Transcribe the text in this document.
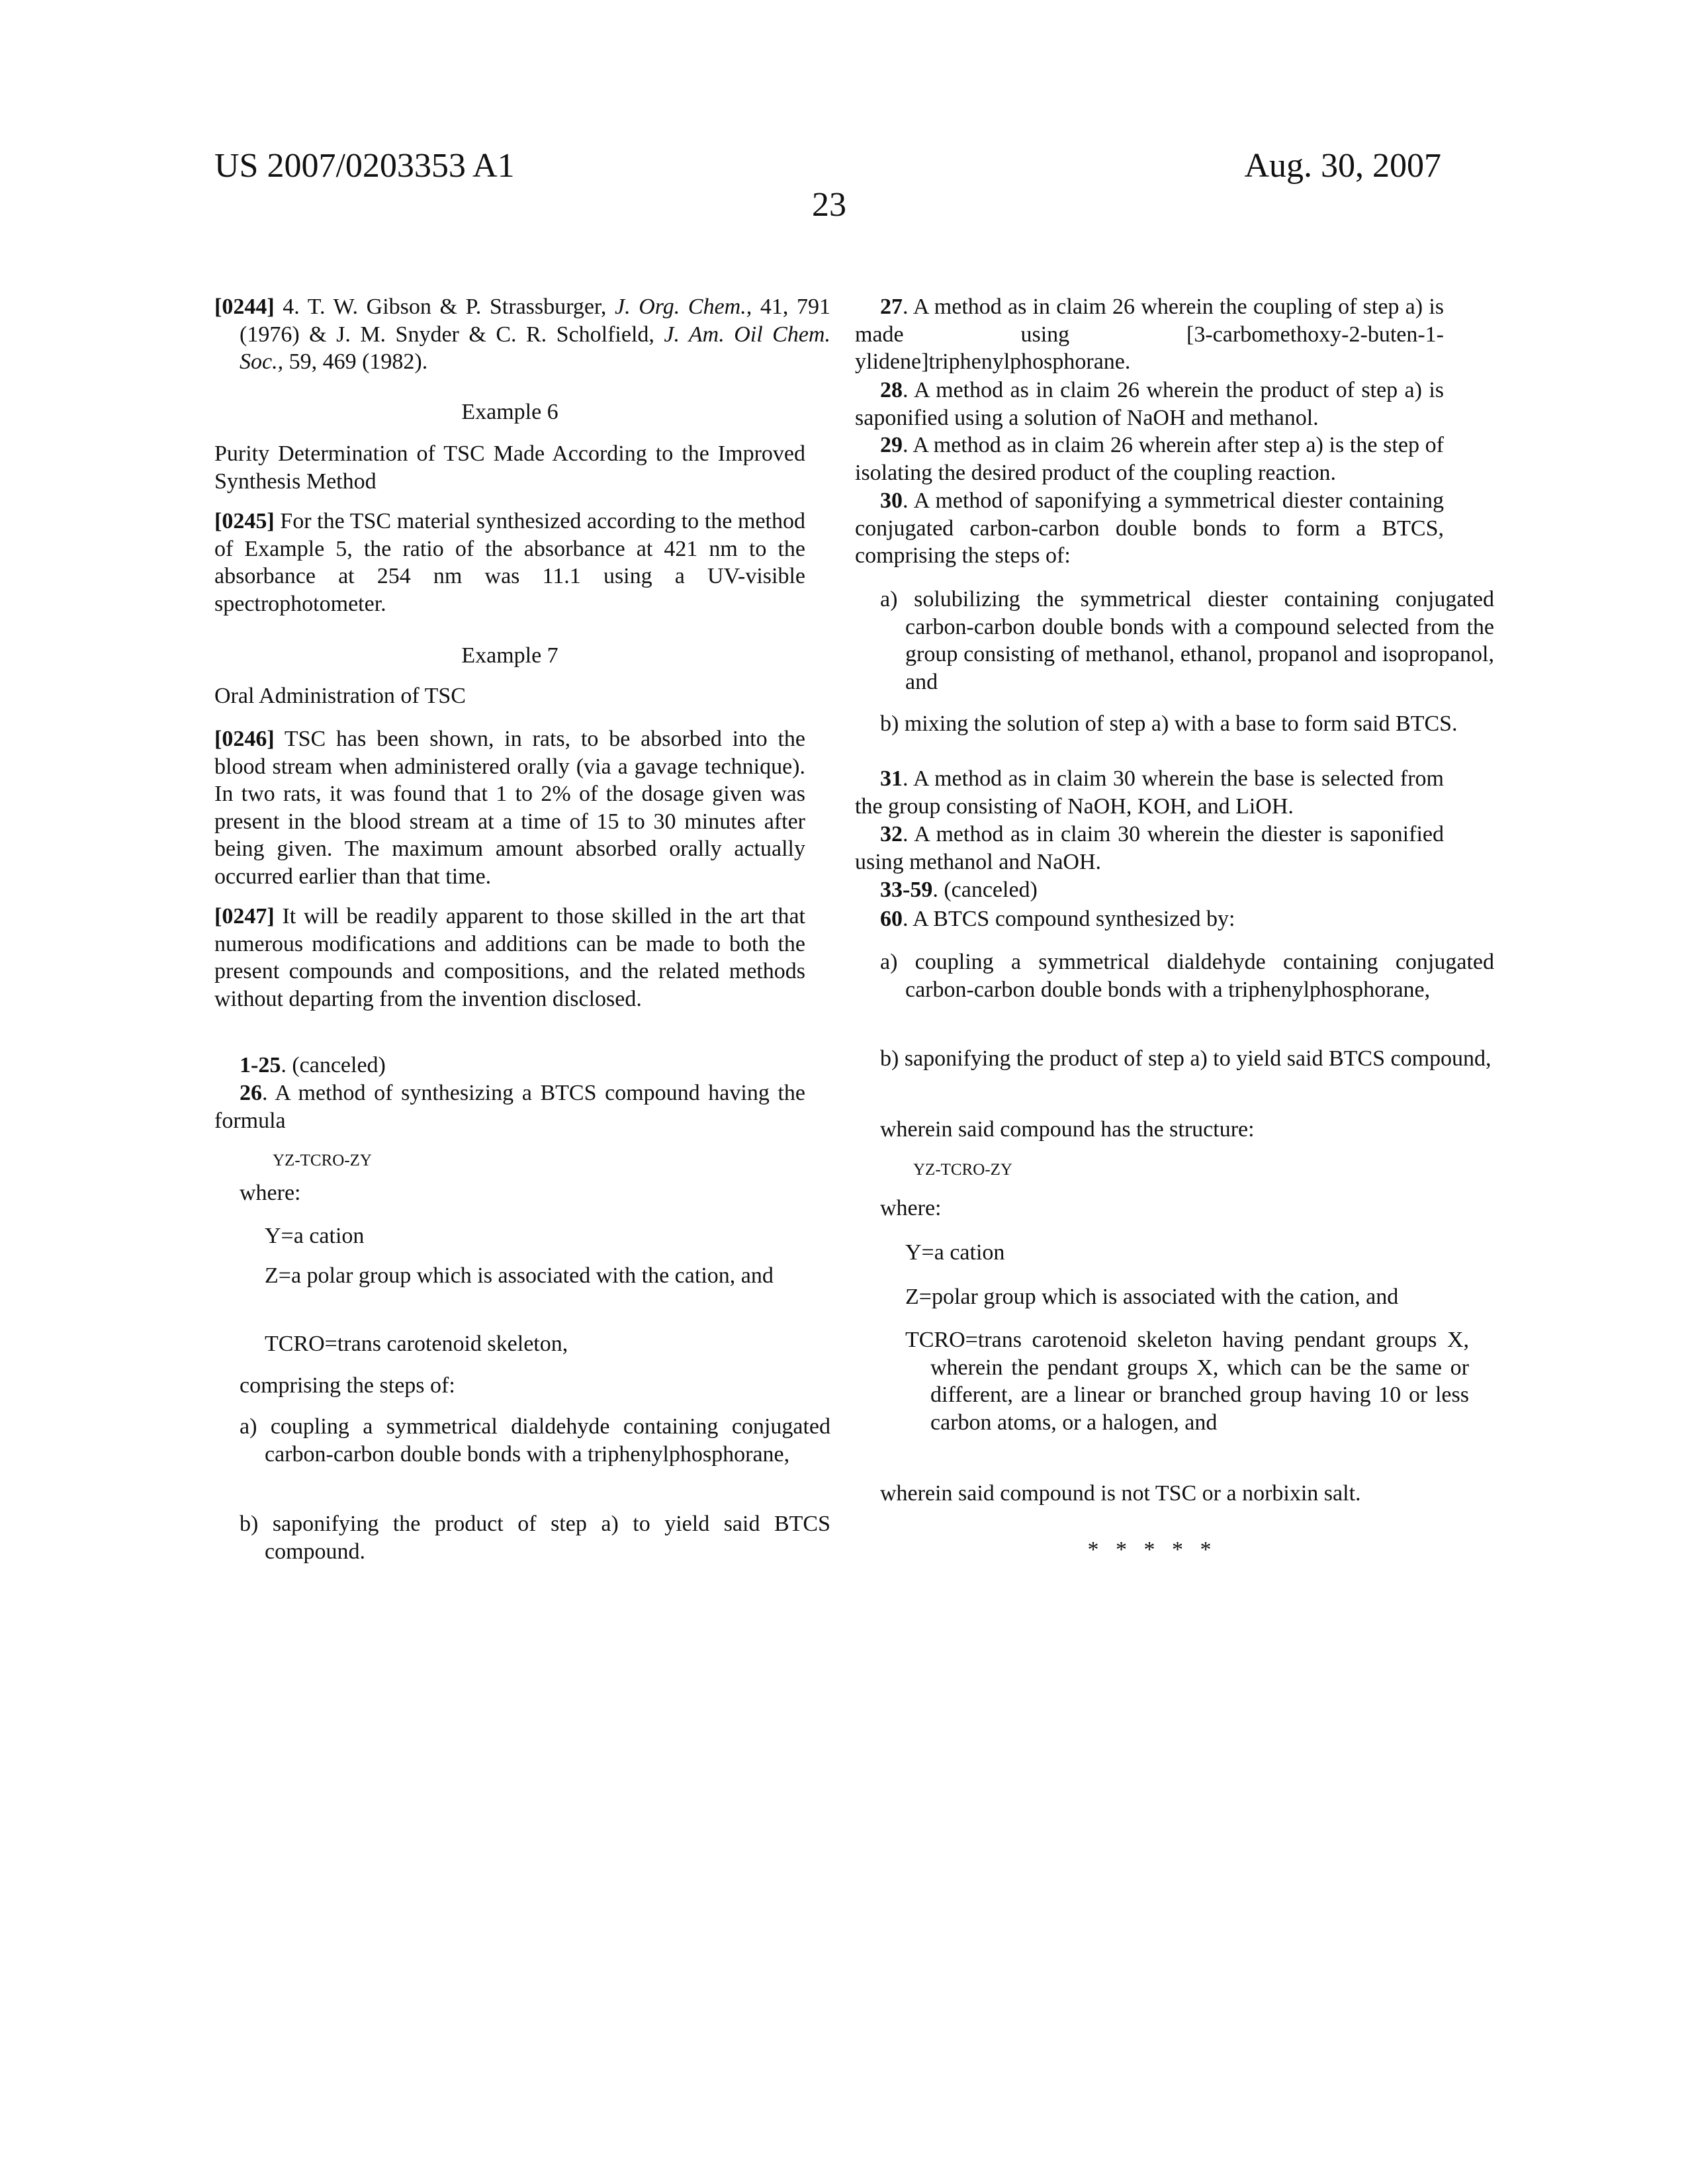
US 2007/0203353 A1	Aug. 30, 2007
23
[0244] 4. T. W. Gibson & P. Strassburger, J. Org. Chem., 41, 791 (1976) & J. M. Snyder & C. R. Scholfield, J. Am. Oil Chem. Soc., 59, 469 (1982).
Example 6
Purity Determination of TSC Made According to the Improved Synthesis Method
[0245] For the TSC material synthesized according to the method of Example 5, the ratio of the absorbance at 421 nm to the absorbance at 254 nm was 11.1 using a UV-visible spectrophotometer.
Example 7
Oral Administration of TSC
[0246] TSC has been shown, in rats, to be absorbed into the blood stream when administered orally (via a gavage technique). In two rats, it was found that 1 to 2% of the dosage given was present in the blood stream at a time of 15 to 30 minutes after being given. The maximum amount absorbed orally actually occurred earlier than that time.
[0247] It will be readily apparent to those skilled in the art that numerous modifications and additions can be made to both the present compounds and compositions, and the related methods without departing from the invention disclosed.
1-25. (canceled)
26. A method of synthesizing a BTCS compound having the formula
YZ-TCRO-ZY
where:
Y=a cation
Z=a polar group which is associated with the cation, and
TCRO=trans carotenoid skeleton,
comprising the steps of:
a) coupling a symmetrical dialdehyde containing conjugated carbon-carbon double bonds with a triphenylphosphorane,
b) saponifying the product of step a) to yield said BTCS compound.
27. A method as in claim 26 wherein the coupling of step a) is made using [3-carbomethoxy-2-buten-1-ylidene]triphenylphosphorane.
28. A method as in claim 26 wherein the product of step a) is saponified using a solution of NaOH and methanol.
29. A method as in claim 26 wherein after step a) is the step of isolating the desired product of the coupling reaction.
30. A method of saponifying a symmetrical diester containing conjugated carbon-carbon double bonds to form a BTCS, comprising the steps of:
a) solubilizing the symmetrical diester containing conjugated carbon-carbon double bonds with a compound selected from the group consisting of methanol, ethanol, propanol and isopropanol, and
b) mixing the solution of step a) with a base to form said BTCS.
31. A method as in claim 30 wherein the base is selected from the group consisting of NaOH, KOH, and LiOH.
32. A method as in claim 30 wherein the diester is saponified using methanol and NaOH.
33-59. (canceled)
60. A BTCS compound synthesized by:
a) coupling a symmetrical dialdehyde containing conjugated carbon-carbon double bonds with a triphenylphosphorane,
b) saponifying the product of step a) to yield said BTCS compound,
wherein said compound has the structure:
YZ-TCRO-ZY
where:
Y=a cation
Z=polar group which is associated with the cation, and
TCRO=trans carotenoid skeleton having pendant groups X, wherein the pendant groups X, which can be the same or different, are a linear or branched group having 10 or less carbon atoms, or a halogen, and
wherein said compound is not TSC or a norbixin salt.
*   *   *   *   *
